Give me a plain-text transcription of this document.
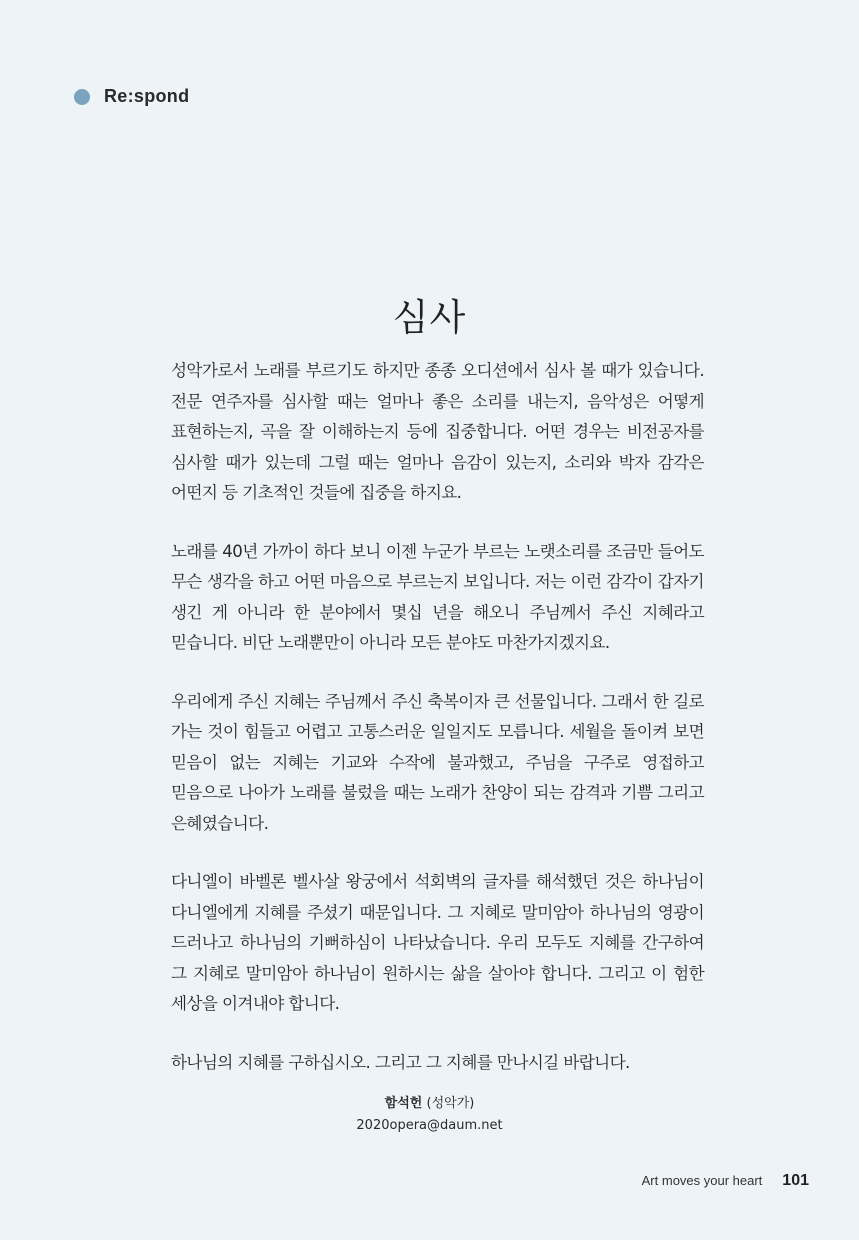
Re:spond
심사

성악가로서 노래를 부르기도 하지만 종종 오디션에서 심사 볼 때가 있습니다. 전문 연주자를 심사할 때는 얼마나 좋은 소리를 내는지, 음악성은 어떻게 표현하는지, 곡을 잘 이해하는지 등에 집중합니다. 어떤 경우는 비전공자를 심사할 때가 있는데 그럴 때는 얼마나 음감이 있는지, 소리와 박자 감각은 어떤지 등 기초적인 것들에 집중을 하지요.

노래를 40년 가까이 하다 보니 이젠 누군가 부르는 노랫소리를 조금만 들어도 무슨 생각을 하고 어떤 마음으로 부르는지 보입니다. 저는 이런 감각이 갑자기 생긴 게 아니라 한 분야에서 몇십 년을 해오니 주님께서 주신 지혜라고 믿습니다. 비단 노래뿐만이 아니라 모든 분야도 마찬가지겠지요.

우리에게 주신 지혜는 주님께서 주신 축복이자 큰 선물입니다. 그래서 한 길로 가는 것이 힘들고 어렵고 고통스러운 일일지도 모릅니다. 세월을 돌이켜 보면 믿음이 없는 지혜는 기교와 수작에 불과했고, 주님을 구주로 영접하고 믿음으로 나아가 노래를 불렀을 때는 노래가 찬양이 되는 감격과 기쁨 그리고 은혜였습니다.

다니엘이 바벨론 벨사살 왕궁에서 석회벽의 글자를 해석했던 것은 하나님이 다니엘에게 지혜를 주셨기 때문입니다. 그 지혜로 말미암아 하나님의 영광이 드러나고 하나님의 기뻐하심이 나타났습니다. 우리 모두도 지혜를 간구하여 그 지혜로 말미암아 하나님이 원하시는 삶을 살아야 합니다. 그리고 이 험한 세상을 이겨내야 합니다.

하나님의 지혜를 구하십시오. 그리고 그 지혜를 만나시길 바랍니다.

함석헌 (성악가)
2020opera@daum.net
Art moves your heart 101
